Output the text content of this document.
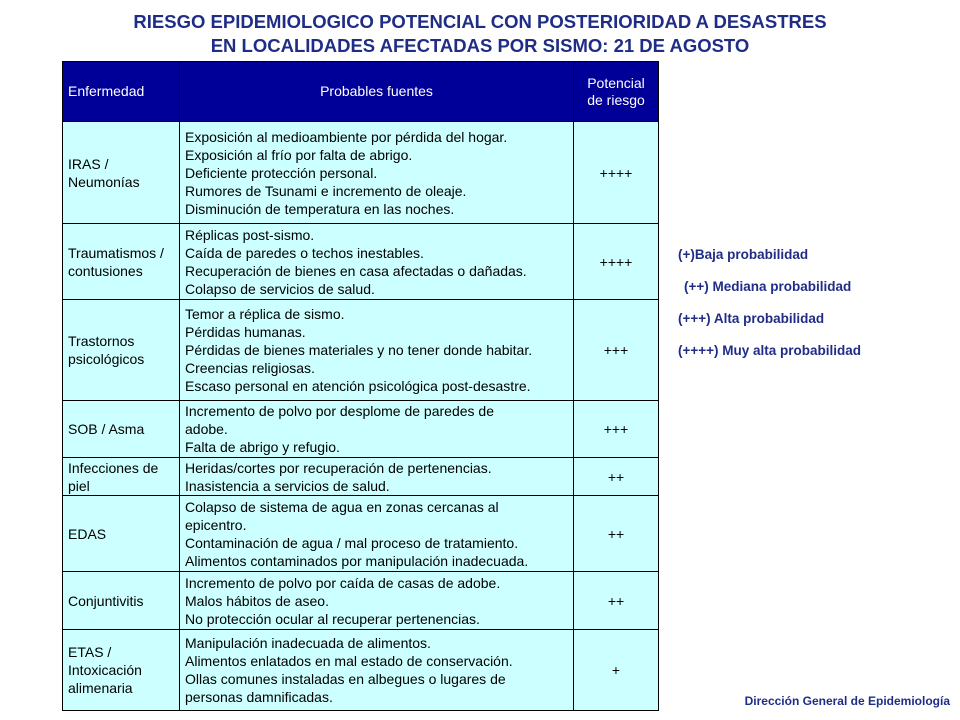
RIESGO EPIDEMIOLOGICO POTENCIAL CON POSTERIORIDAD A DESASTRES
EN LOCALIDADES AFECTADAS POR SISMO: 21 DE AGOSTO
Enfermedad	Probables fuentes	Potencial de riesgo
IRAS / Neumonías	Exposición al medioambiente por pérdida del hogar.
Exposición al frío por falta de abrigo.
Deficiente protección personal.
Rumores de Tsunami e incremento de oleaje.
Disminución de temperatura en las noches.	++++
Traumatismos / contusiones	Réplicas post-sismo.
Caída de paredes o techos inestables.
Recuperación de bienes en casa afectadas o dañadas.
Colapso de servicios de salud.	++++
Trastornos psicológicos	Temor a réplica de sismo.
Pérdidas humanas.
Pérdidas de bienes materiales y no tener donde habitar.
Creencias religiosas.
Escaso personal en atención psicológica post-desastre.	+++
SOB / Asma	Incremento de polvo por desplome de paredes de
adobe.
Falta de abrigo y refugio.	+++
Infecciones de piel	Heridas/cortes por recuperación de pertenencias.
Inasistencia a servicios de salud.	++
EDAS	Colapso de sistema de agua en zonas cercanas al
epicentro.
Contaminación de agua / mal proceso de tratamiento.
Alimentos contaminados por manipulación inadecuada.	++
Conjuntivitis	Incremento de polvo por caída de casas de adobe.
Malos hábitos de aseo.
No protección ocular al recuperar pertenencias.	++
ETAS / Intoxicación alimenaria	Manipulación inadecuada de alimentos.
Alimentos enlatados en mal estado de conservación.
Ollas comunes instaladas en albegues o lugares de
personas damnificadas.	+
(+)Baja probabilidad
(++) Mediana probabilidad
(+++) Alta probabilidad
(++++) Muy alta probabilidad
Dirección General de Epidemiología
